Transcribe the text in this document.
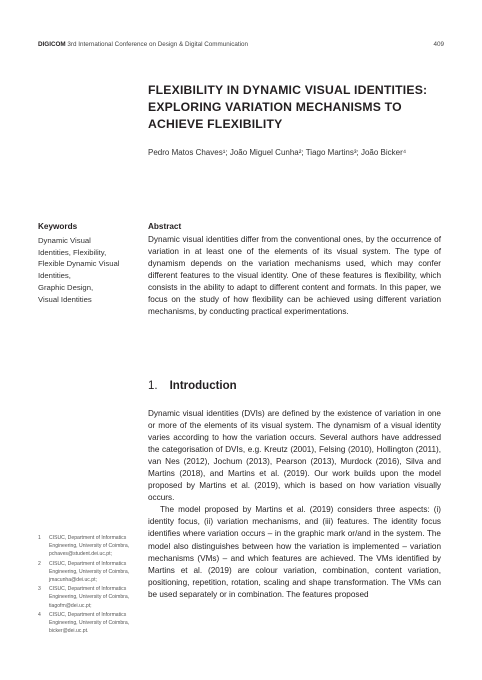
DIGICOM 3rd International Conference on Design & Digital Communication	409
FLEXIBILITY IN DYNAMIC VISUAL IDENTITIES: EXPLORING VARIATION MECHANISMS TO ACHIEVE FLEXIBILITY
Pedro Matos Chaves¹; João Miguel Cunha²; Tiago Martins³; João Bicker⁴
Keywords
Dynamic Visual
Identities, Flexibility,
Flexible Dynamic Visual
Identities,
Graphic Design,
Visual Identities
Abstract

Dynamic visual identities differ from the conventional ones, by the occurrence of variation in at least one of the elements of its visual system. The type of dynamism depends on the variation mechanisms used, which may confer different features to the visual identity. One of these features is flexibility, which consists in the ability to adapt to different content and formats. In this paper, we focus on the study of how flexibility can be achieved using different variation mechanisms, by conducting practical experimentations.

1. Introduction

Dynamic visual identities (DVIs) are defined by the existence of variation in one or more of the elements of its visual system. The dynamism of a visual identity varies according to how the variation occurs. Several authors have addressed the categorisation of DVIs, e.g. Kreutz (2001), Felsing (2010), Hollington (2011), van Nes (2012), Jochum (2013), Pearson (2013), Murdock (2016), Silva and Martins (2018), and Martins et al. (2019). Our work builds upon the model proposed by Martins et al. (2019), which is based on how variation visually occurs.

The model proposed by Martins et al. (2019) considers three aspects: (i) identity focus, (ii) variation mechanisms, and (iii) features. The identity focus identifies where variation occurs – in the graphic mark or/and in the system. The model also distinguishes between how the variation is implemented – variation mechanisms (VMs) – and which features are achieved. The VMs identified by Martins et al. (2019) are colour variation, combination, content variation, positioning, repetition, rotation, scaling and shape transformation. The VMs can be used separately or in combination. The features proposed

1	CISUC, Department of Informatics Engineering, University of Coimbra, pchaves@student.dei.uc.pt;
2	CISUC, Department of Informatics Engineering, University of Coimbra, jmacunha@dei.uc.pt;
3	CISUC, Department of Informatics Engineering, University of Coimbra, tiagofm@dei.uc.pt;
4	CISUC, Department of Informatics Engineering, University of Coimbra, bicker@dei.uc.pt.
